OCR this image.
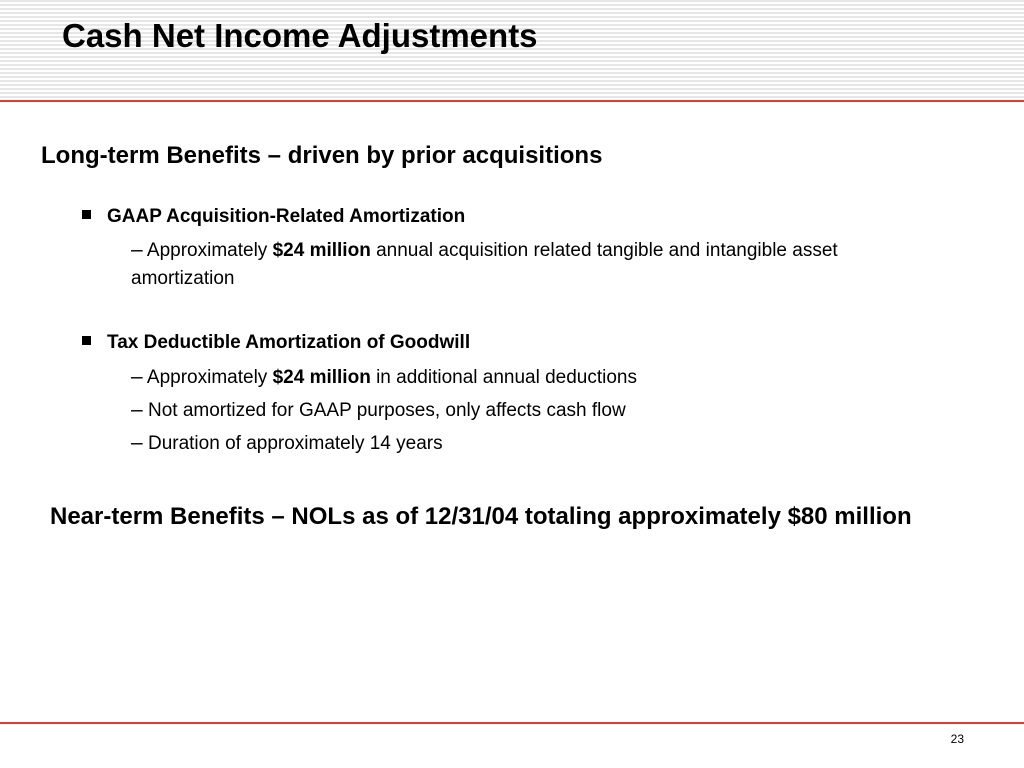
Cash Net Income Adjustments
Long-term Benefits – driven by prior acquisitions

GAAP Acquisition-Related Amortization

– Approximately $24 million annual acquisition related tangible and intangible asset amortization

Tax Deductible Amortization of Goodwill

– Approximately $24 million in additional annual deductions

– Not amortized for GAAP purposes, only affects cash flow

– Duration of approximately 14 years

Near-term Benefits – NOLs as of 12/31/04 totaling approximately $80 million
23
